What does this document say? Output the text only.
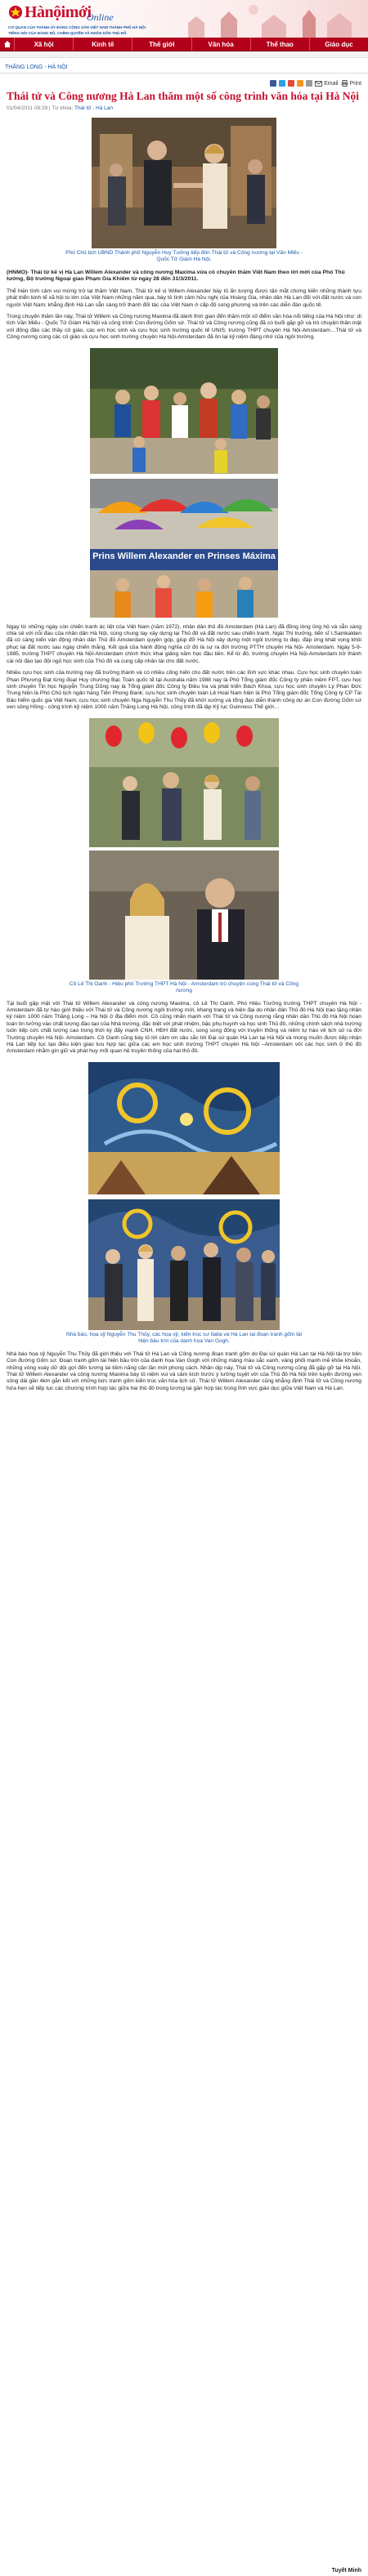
Hànộimới
Online
CƠ QUAN CỦA THÀNH ỦY ĐẢNG CỘNG SẢN VIỆT NAM THÀNH PHỐ HÀ NỘI
TIẾNG NÓI CỦA ĐẢNG BỘ, CHÍNH QUYỀN VÀ NHÂN DÂN THỦ ĐÔ
Xã hội	Kinh tế	Thế giới	Văn hóa	Thể thao	Giáo dục
THĂNG LONG - HÀ NỘI
Email Print
Thái tử và Công nương Hà Lan thăm một số công trình văn hóa tại Hà Nội
01/04/2011 08:29 | Từ khóa: Thái tử , Hà Lan
Phó Chủ tịch UBND Thành phố Nguyễn Huy Tưởng tiếp đón Thái tử và Công nương tại Văn Miếu - Quốc Tử Giám Hà Nội.

(HNMO)- Thái tử kế vị Hà Lan Willem Alexander và công nương Maxima vừa có chuyến thăm Việt Nam theo lời mời của Phó Thủ tướng, Bộ trưởng Ngoại giao Phạm Gia Khiêm từ ngày 28 đến 31/3/2011.

Thể hiện tình cảm vui mừng trở lại thăm Việt Nam, Thái tử kế vị Willem Alexander bày tỏ ấn tượng được tận mắt chứng kiến những thành tựu phát triển kinh tế xã hội to lớn của Việt Nam những năm qua, bày tỏ tình cảm hữu nghị của Hoàng Gia, nhân dân Hà Lan đối với đất nước và con người Việt Nam; khẳng định Hà Lan sẵn sàng trở thành đối tác của Việt Nam ở cấp độ song phương và trên các diễn đàn quốc tế.

Trong chuyến thăm lần này, Thái tử Willem và Công nương Maxima đã dành thời gian đến thăm một số điểm văn hóa nổi tiếng của Hà Nội như: di tích Văn Miếu - Quốc Tử Giám Hà Nội và công trình Con đường Gốm sứ. Thái tử và Công nương cũng đã có buổi gặp gỡ và trò chuyện thân mật với đông đảo các thầy cô giáo, các em học sinh và cựu học sinh trường quốc tế UNIS; trường THPT chuyên Hà Nội-Amsterdam…Thái tử và Công nương cùng các cô giáo và cựu học sinh trường chuyên Hà Nội-Amsterdam đã ôn lại kỷ niệm đáng nhớ của ngôi trường.

Prins Willem Alexander en Prinses Máxima

Ngay từ những ngày còn chiến tranh ác liệt của Việt Nam (năm 1972), nhân dân thủ đô Amsterdam (Hà Lan) đã đồng lòng ủng hộ và sẵn sàng chia sẻ với nỗi đau của nhân dân Hà Nội, cùng chung tay xây dựng lại Thủ đô và đất nước sau chiến tranh. Ngài Thị trưởng, tiến sĩ I.Samkalden đã có sáng kiến vận động nhân dân Thủ đô Amsterdam quyên góp, giúp đỡ Hà Nội xây dựng một ngôi trường to đẹp, đáp ứng khát vọng khôi phục lại đất nước sau ngày chiến thắng. Kết quả của hành động nghĩa cử đó là sự ra đời trường PTTH chuyên Hà Nội- Amsterdam. Ngày 5-9-1985, trường THPT chuyên Hà Nội-Amsterdam chính thức khai giảng năm học đầu tiên. Kể từ đó, trường chuyên Hà Nội-Amsterdam trở thành cái nôi đào tạo đội ngũ học sinh của Thủ đô và cung cấp nhân tài cho đất nước.

Nhiều cựu học sinh của trường nay đã trưởng thành và có nhiều cống hiến cho đất nước trên các lĩnh vực khác nhau. Cựu học sinh chuyên toán Phan Phương Đạt từng đoạt Huy chương Bạc Toán quốc tế tại Australia năm 1988 nay là Phó Tổng giám đốc Công ty phần mềm FPT, cựu học sinh chuyên Tin học Nguyễn Trung Dũng nay là Tổng giám đốc Công ty Điều tra và phát triển Bách Khoa, cựu học sinh chuyên Lý Phan Đức Trung hiện là Phó Chủ tịch ngân hàng Tiên Phong Bank; cựu học sinh chuyên toán Lê Hoài Nam hiện là Phó Tổng giám đốc Tổng Công ty CP Tài Bảo hiểm quốc gia Việt Nam; cựu học sinh chuyên Nga Nguyễn Thu Thủy đã khởi xướng và tổng đạo diễn thành công dự án Con đường Gốm sứ ven sông Hồng - công trình kỷ niệm 1000 năm Thăng Long Hà Nội, công trình đã lập Kỷ lục Guinness Thế giới…

Cô Lê Thị Oanh - Hiệu phó Trường THPT Hà Nội - Amsterdam trò chuyện cùng Thái tử và Công nương

Tại buổi gặp mặt với Thái tử Willem Alexander và công nương Maxima, cô Lê Thị Oanh, Phó Hiệu Trưởng trường THPT chuyên Hà Nội - Amsterdam đã tự hào giới thiệu với Thái tử và Công nương ngôi trường mới, khang trang và hiện đại do nhân dân Thủ đô Hà Nội trao tặng nhân kỷ niệm 1000 năm Thăng Long – Hà Nội ở địa điểm mới. Cô cũng nhấn mạnh với Thái tử và Công nương rằng nhân dân Thủ đô Hà Nội hoàn toàn tin tưởng vào chất lượng đào tạo của Nhà trường, đặc biệt với phát nhiệm, bậc phụ huynh và học sinh Thủ đô, những chính sách nhà trường luôn tiếp cức chất lượng cao trong thời kỳ đẩy mạnh CNH, HĐH đất nước, song song đồng với truyền thống và niềm tự hào về lịch sử ra đời Trường chuyên Hà Nội- Amsterdam. Cô Oanh cũng bày tỏ lời cảm ơn sâu sắc tới Đại sứ quán Hà Lan tại Hà Nội và mong muốn được tiếp nhận Hà Lan tiếp tục tạo điều kiện giao lưu hợp tác giữa các em học sinh trường THPT chuyên Hà Nội –Amsterdam với các học sinh ở thủ đô Amsterdam nhằm gìn giữ và phát huy mối quan hệ truyền thống của hai thủ đô.

Nhà báo, họa sỹ Nguyễn Thu Thủy, các họa sỹ, kiến trúc sư Italia và Hà Lan tại đoạn tranh gốm tái hiện bầu trời của danh họa Van Gogh.

Nhà báo họa sỹ Nguyễn Thu Thủy đã giới thiệu với Thái tử Hà Lan và Công nương đoạn tranh gốm do Đại sứ quán Hà Lan tại Hà Nội tài trợ trên Con đường Gốm sứ. Đoạn tranh gốm tái hiện bầu trời của danh họa Van Gogh với những mảng màu sắc xanh, vàng phối mạnh mẽ khỏe khoắn, những vòng xoáy dữ dội gợi đến tương lai tiềm năng cần lần mới phong cách. Nhân dịp này, Thái tử và Công nương cũng đã gặp gỡ tại Hà Nội. Thái tử Willem Alexander và công nương Maxima bày tỏ niềm vui và cảm kích trước ý tưởng tuyệt vời của Thủ đô Hà Nội trên tuyến đường ven sông dài gần 4km gắn kết với những bức tranh gốm kiến trúc văn hóa lịch sử. Thái tử Willem Alexander cũng khẳng định Thái tử và Công nương hứa hẹn sẽ tiếp tục các chương trình hợp tác giữa hai thủ đô trong tương lai gần hợp tác trong lĩnh vực giáo dục giữa Việt Nam và Hà Lan.

Tuyết Minh
